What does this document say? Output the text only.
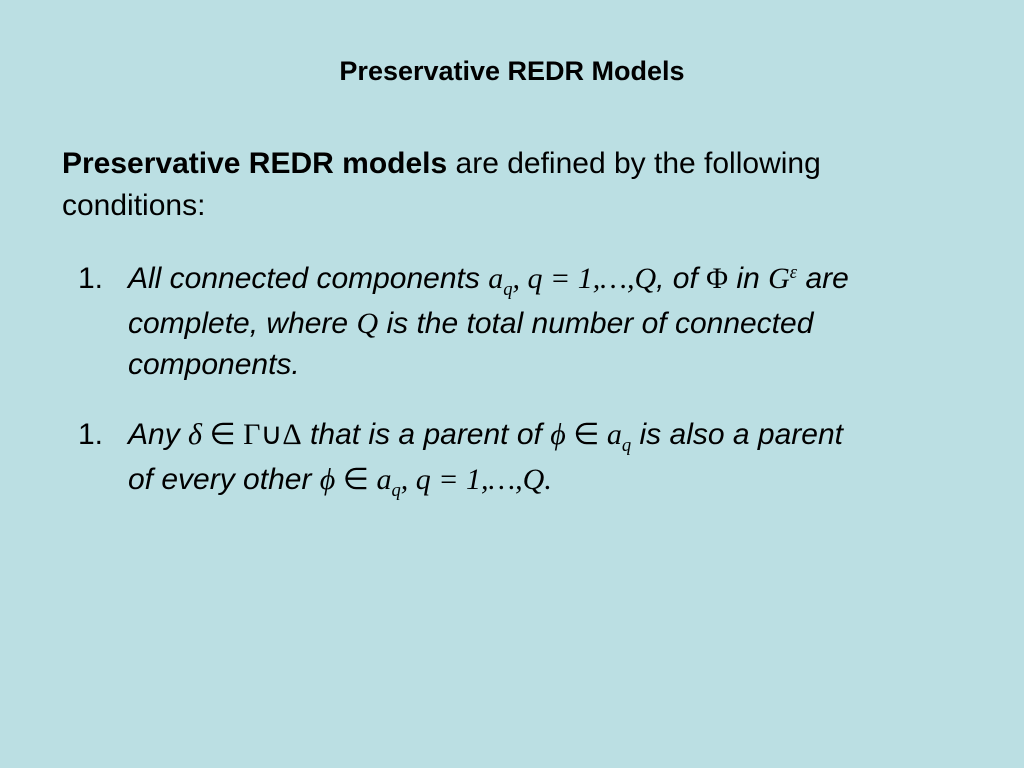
Preservative REDR Models
Preservative REDR models are defined by the following
conditions:
1. All connected components $a_q$, q = 1,…,Q, of Φ in $G^\varepsilon$ are
complete, where Q is the total number of connected
components.
1. Any δ ∈ Γ∪Δ that is a parent of ϕ ∈ $a_q$ is also a parent
of every other ϕ ∈ $a_q$, q = 1,…,Q.
